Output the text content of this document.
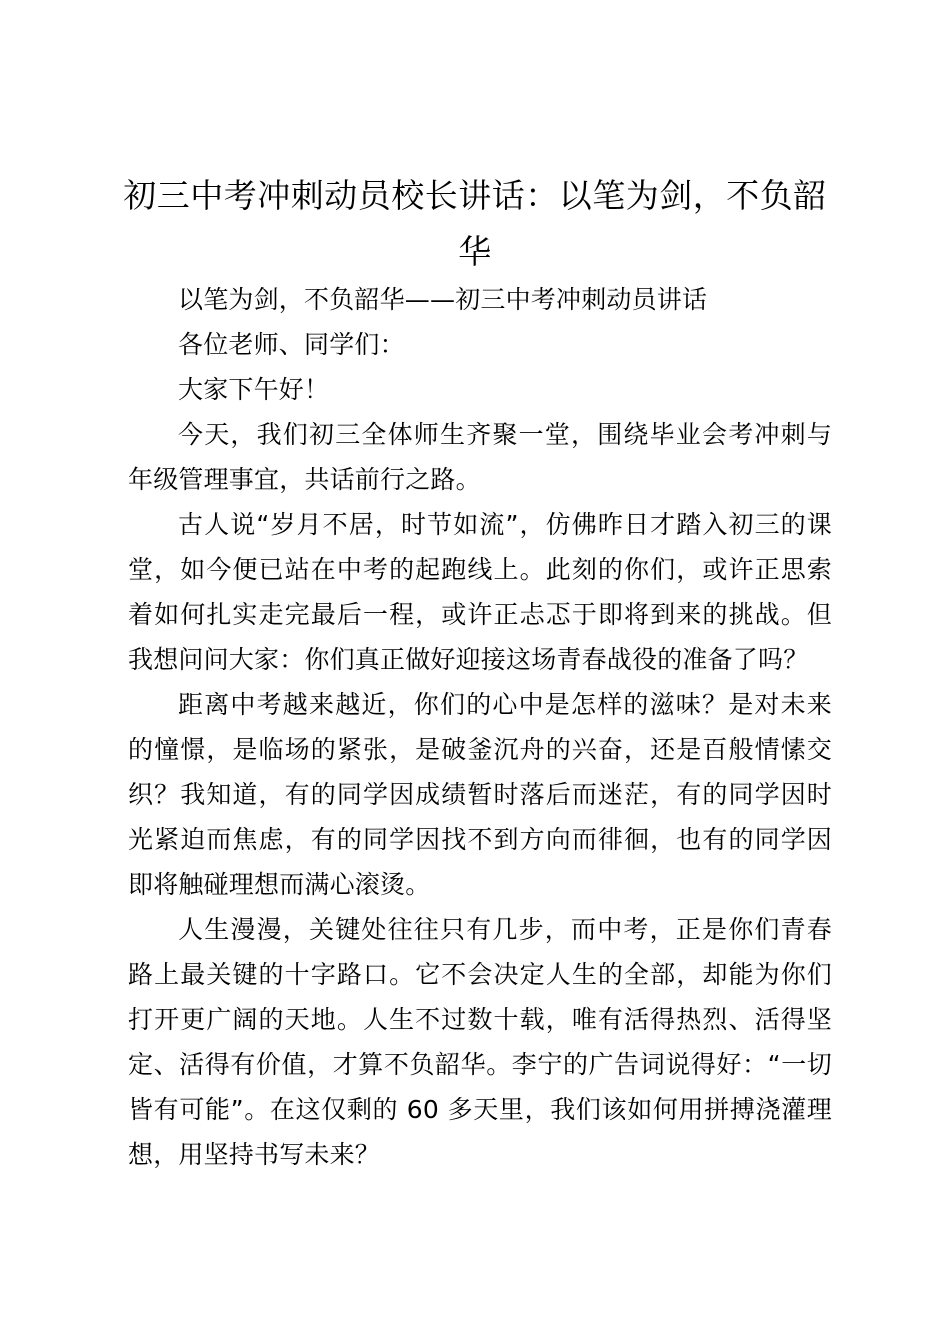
初三中考冲刺动员校长讲话：以笔为剑，不负韶华

以笔为剑，不负韶华——初三中考冲刺动员讲话

各位老师、同学们：

大家下午好！

今天，我们初三全体师生齐聚一堂，围绕毕业会考冲刺与年级管理事宜，共话前行之路。

古人说“岁月不居，时节如流”，仿佛昨日才踏入初三的课堂，如今便已站在中考的起跑线上。此刻的你们，或许正思索着如何扎实走完最后一程，或许正忐忑于即将到来的挑战。但我想问问大家：你们真正做好迎接这场青春战役的准备了吗？

距离中考越来越近，你们的心中是怎样的滋味？是对未来的憧憬，是临场的紧张，是破釜沉舟的兴奋，还是百般情愫交织？我知道，有的同学因成绩暂时落后而迷茫，有的同学因时光紧迫而焦虑，有的同学因找不到方向而徘徊，也有的同学因即将触碰理想而满心滚烫。

人生漫漫，关键处往往只有几步，而中考，正是你们青春路上最关键的十字路口。它不会决定人生的全部，却能为你们打开更广阔的天地。人生不过数十载，唯有活得热烈、活得坚定、活得有价值，才算不负韶华。李宁的广告词说得好：“一切皆有可能”。在这仅剩的 60 多天里，我们该如何用拼搏浇灌理想，用坚持书写未来？
